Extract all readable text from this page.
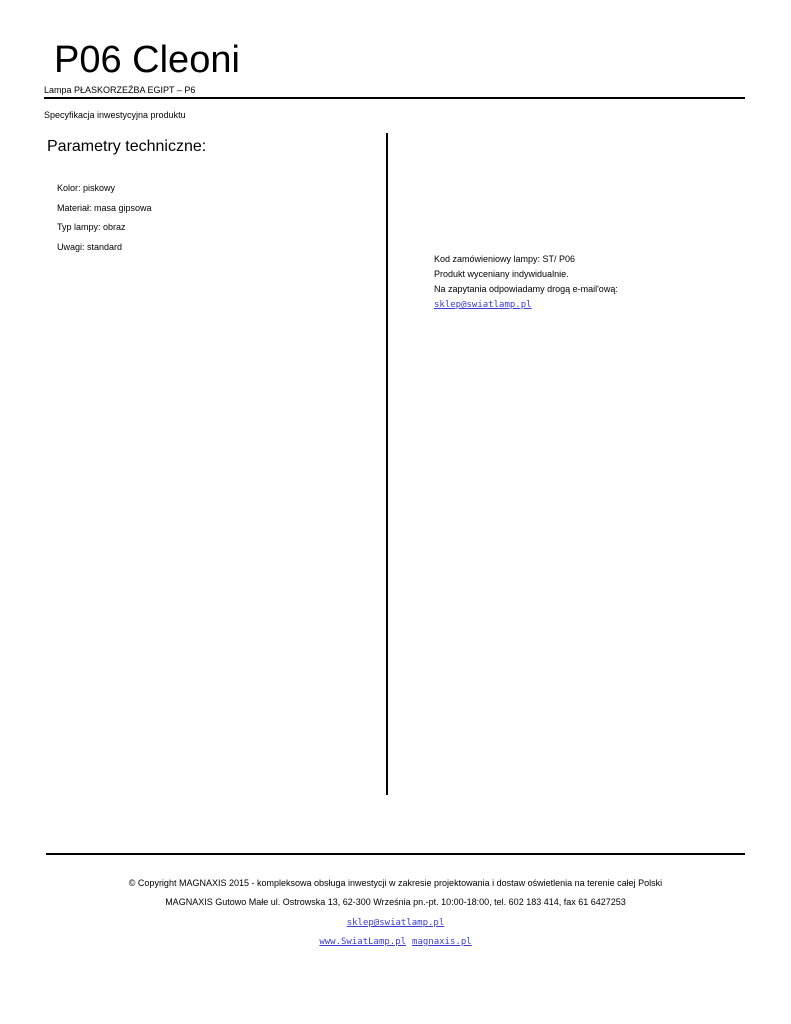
P06 Cleoni
Lampa PŁASKORZEŹBA EGIPT – P6
Specyfikacja inwestycyjna produktu
Parametry techniczne:
Kolor: piskowy
Materiał: masa gipsowa
Typ lampy: obraz
Uwagi: standard
Kod zamówieniowy lampy: ST/ P06
Produkt wyceniany indywidualnie.
Na zapytania odpowiadamy drogą e-mail'ową:
sklep@swiatlamp.pl
© Copyright MAGNAXIS 2015 - kompleksowa obsługa inwestycji w zakresie projektowania i dostaw oświetlenia na terenie całej Polski
MAGNAXIS Gutowo Małe ul. Ostrowska 13, 62-300 Września pn.-pt. 10:00-18:00, tel. 602 183 414, fax 61 6427253
sklep@swiatlamp.pl
www.SwiatLamp.pl magnaxis.pl
